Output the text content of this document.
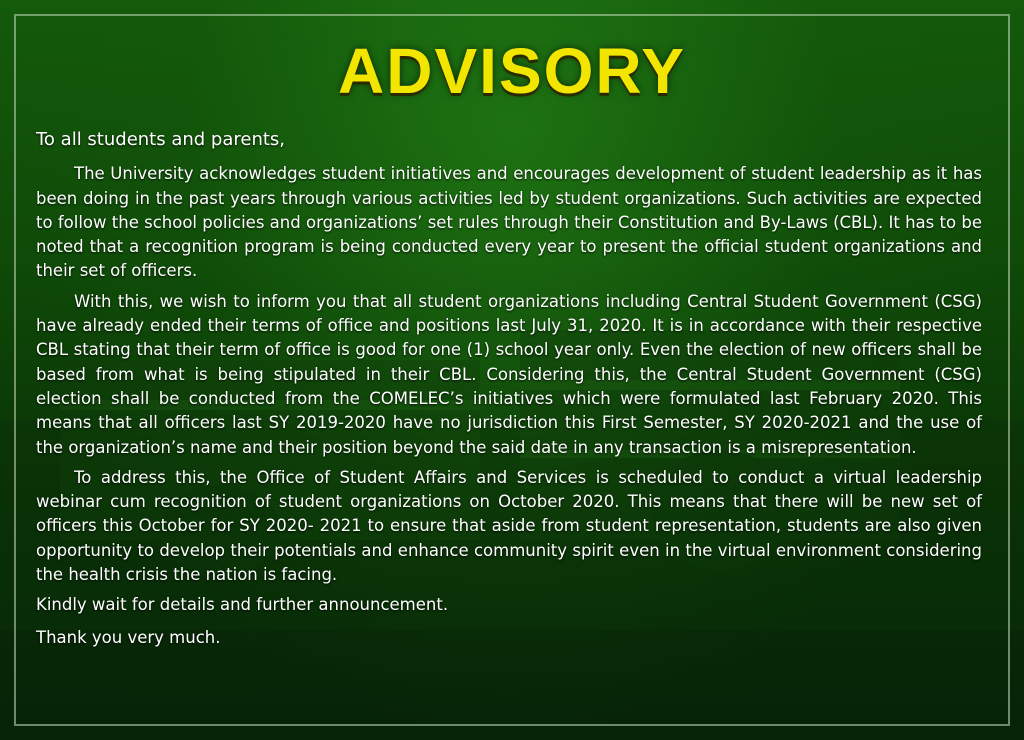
ADVISORY

To all students and parents,

The University acknowledges student initiatives and encourages development of student leadership as it has been doing in the past years through various activities led by student organizations. Such activities are expected to follow the school policies and organizations’ set rules through their Constitution and By-Laws (CBL). It has to be noted that a recognition program is being conducted every year to present the official student organizations and their set of officers.

With this, we wish to inform you that all student organizations including Central Student Government (CSG) have already ended their terms of office and positions last July 31, 2020. It is in accordance with their respective CBL stating that their term of office is good for one (1) school year only. Even the election of new officers shall be based from what is being stipulated in their CBL. Considering this, the Central Student Government (CSG) election shall be conducted from the COMELEC’s initiatives which were formulated last February 2020. This means that all officers last SY 2019-2020 have no jurisdiction this First Semester, SY 2020-2021 and the use of the organization’s name and their position beyond the said date in any transaction is a misrepresentation.

To address this, the Office of Student Affairs and Services is scheduled to conduct a virtual leadership webinar cum recognition of student organizations on October 2020. This means that there will be new set of officers this October for SY 2020- 2021 to ensure that aside from student representation, students are also given opportunity to develop their potentials and enhance community spirit even in the virtual environment considering the health crisis the nation is facing.

Kindly wait for details and further announcement.

Thank you very much.
